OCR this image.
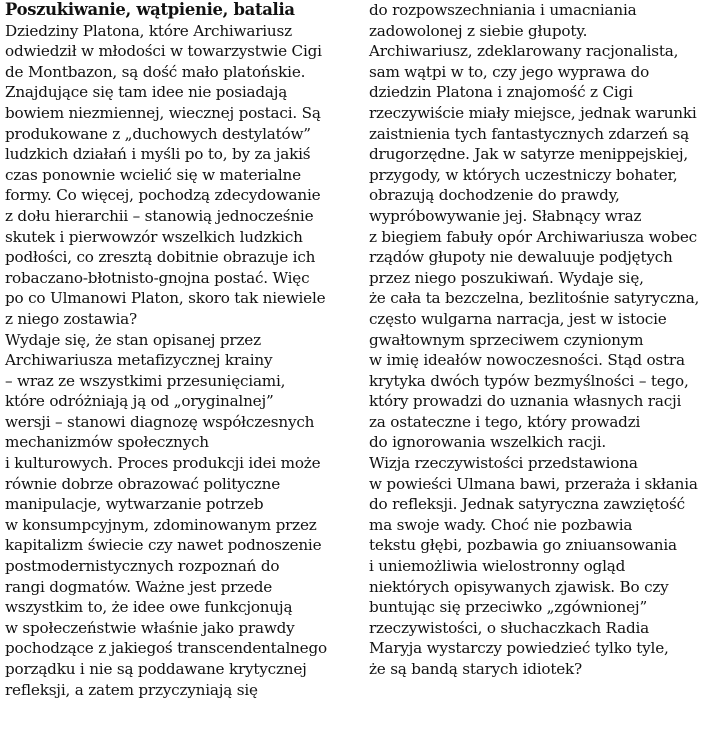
Poszukiwanie, wątpienie, batalia
Dziedziny Platona, które Archiwariusz
odwiedził w młodości w towarzystwie Cigi
de Montbazon, są dość mało platońskie.
Znajdujące się tam idee nie posiadają
bowiem niezmiennej, wiecznej postaci. Są
produkowane z „duchowych destylatów”
ludzkich działań i myśli po to, by za jakiś
czas ponownie wcielić się w materialne
formy. Co więcej, pochodzą zdecydowanie
z dołu hierarchii – stanowią jednocześnie
skutek i pierwowzór wszelkich ludzkich
podłości, co zresztą dobitnie obrazuje ich
robaczano-błotnisto-gnojna postać. Więc
po co Ulmanowi Platon, skoro tak niewiele
z niego zostawia?
Wydaje się, że stan opisanej przez
Archiwariusza metafizycznej krainy
– wraz ze wszystkimi przesunięciami,
które odróżniają ją od „oryginalnej”
wersji – stanowi diagnozę współczesnych
mechanizmów społecznych
i kulturowych. Proces produkcji idei może
równie dobrze obrazować polityczne
manipulacje, wytwarzanie potrzeb
w konsumpcyjnym, zdominowanym przez
kapitalizm świecie czy nawet podnoszenie
postmodernistycznych rozpoznań do
rangi dogmatów. Ważne jest przede
wszystkim to, że idee owe funkcjonują
w społeczeństwie właśnie jako prawdy
pochodzące z jakiegoś transcendentalnego
porządku i nie są poddawane krytycznej
refleksji, a zatem przyczyniają się
do rozpowszechniania i umacniania
zadowolonej z siebie głupoty.
Archiwariusz, zdeklarowany racjonalista,
sam wątpi w to, czy jego wyprawa do
dziedzin Platona i znajomość z Cigi
rzeczywiście miały miejsce, jednak warunki
zaistnienia tych fantastycznych zdarzeń są
drugorzędne. Jak w satyrze menippejskiej,
przygody, w których uczestniczy bohater,
obrazują dochodzenie do prawdy,
wypróbowywanie jej. Słabnący wraz
z biegiem fabuły opór Archiwariusza wobec
rządów głupoty nie dewaluuje podjętych
przez niego poszukiwań. Wydaje się,
że cała ta bezczelna, bezlitośnie satyryczna,
często wulgarna narracja, jest w istocie
gwałtownym sprzeciwem czynionym
w imię ideałów nowoczesności. Stąd ostra
krytyka dwóch typów bezmyślności – tego,
który prowadzi do uznania własnych racji
za ostateczne i tego, który prowadzi
do ignorowania wszelkich racji.
Wizja rzeczywistości przedstawiona
w powieści Ulmana bawi, przeraża i skłania
do refleksji. Jednak satyryczna zawziętość
ma swoje wady. Choć nie pozbawia
tekstu głębi, pozbawia go zniuansowania
i uniemożliwia wielostronny ogląd
niektórych opisywanych zjawisk. Bo czy
buntując się przeciwko „zgównionej”
rzeczywistości, o słuchaczkach Radia
Maryja wystarczy powiedzieć tylko tyle,
że są bandą starych idiotek?
